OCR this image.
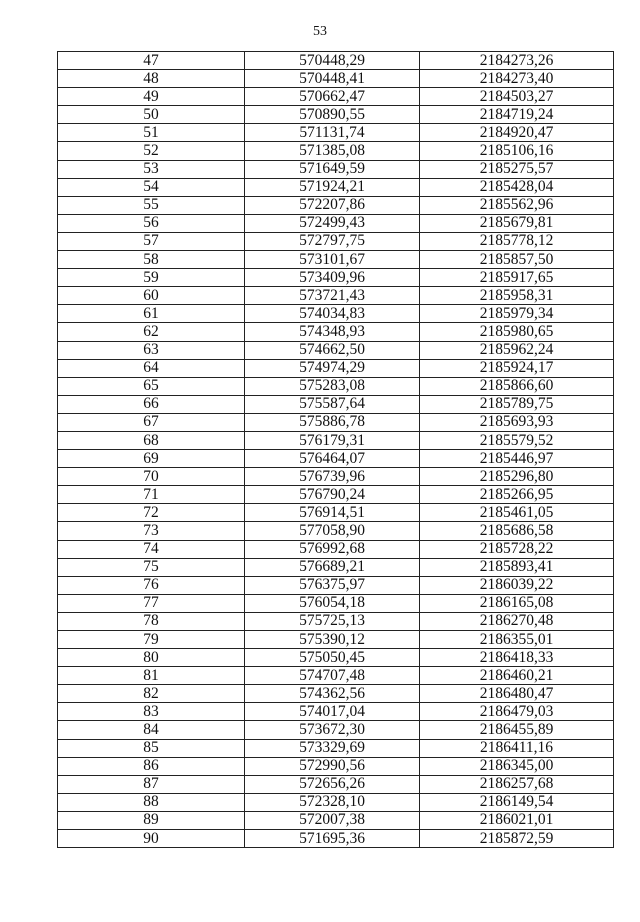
53
47	570448,29	2184273,26
48	570448,41	2184273,40
49	570662,47	2184503,27
50	570890,55	2184719,24
51	571131,74	2184920,47
52	571385,08	2185106,16
53	571649,59	2185275,57
54	571924,21	2185428,04
55	572207,86	2185562,96
56	572499,43	2185679,81
57	572797,75	2185778,12
58	573101,67	2185857,50
59	573409,96	2185917,65
60	573721,43	2185958,31
61	574034,83	2185979,34
62	574348,93	2185980,65
63	574662,50	2185962,24
64	574974,29	2185924,17
65	575283,08	2185866,60
66	575587,64	2185789,75
67	575886,78	2185693,93
68	576179,31	2185579,52
69	576464,07	2185446,97
70	576739,96	2185296,80
71	576790,24	2185266,95
72	576914,51	2185461,05
73	577058,90	2185686,58
74	576992,68	2185728,22
75	576689,21	2185893,41
76	576375,97	2186039,22
77	576054,18	2186165,08
78	575725,13	2186270,48
79	575390,12	2186355,01
80	575050,45	2186418,33
81	574707,48	2186460,21
82	574362,56	2186480,47
83	574017,04	2186479,03
84	573672,30	2186455,89
85	573329,69	2186411,16
86	572990,56	2186345,00
87	572656,26	2186257,68
88	572328,10	2186149,54
89	572007,38	2186021,01
90	571695,36	2185872,59
